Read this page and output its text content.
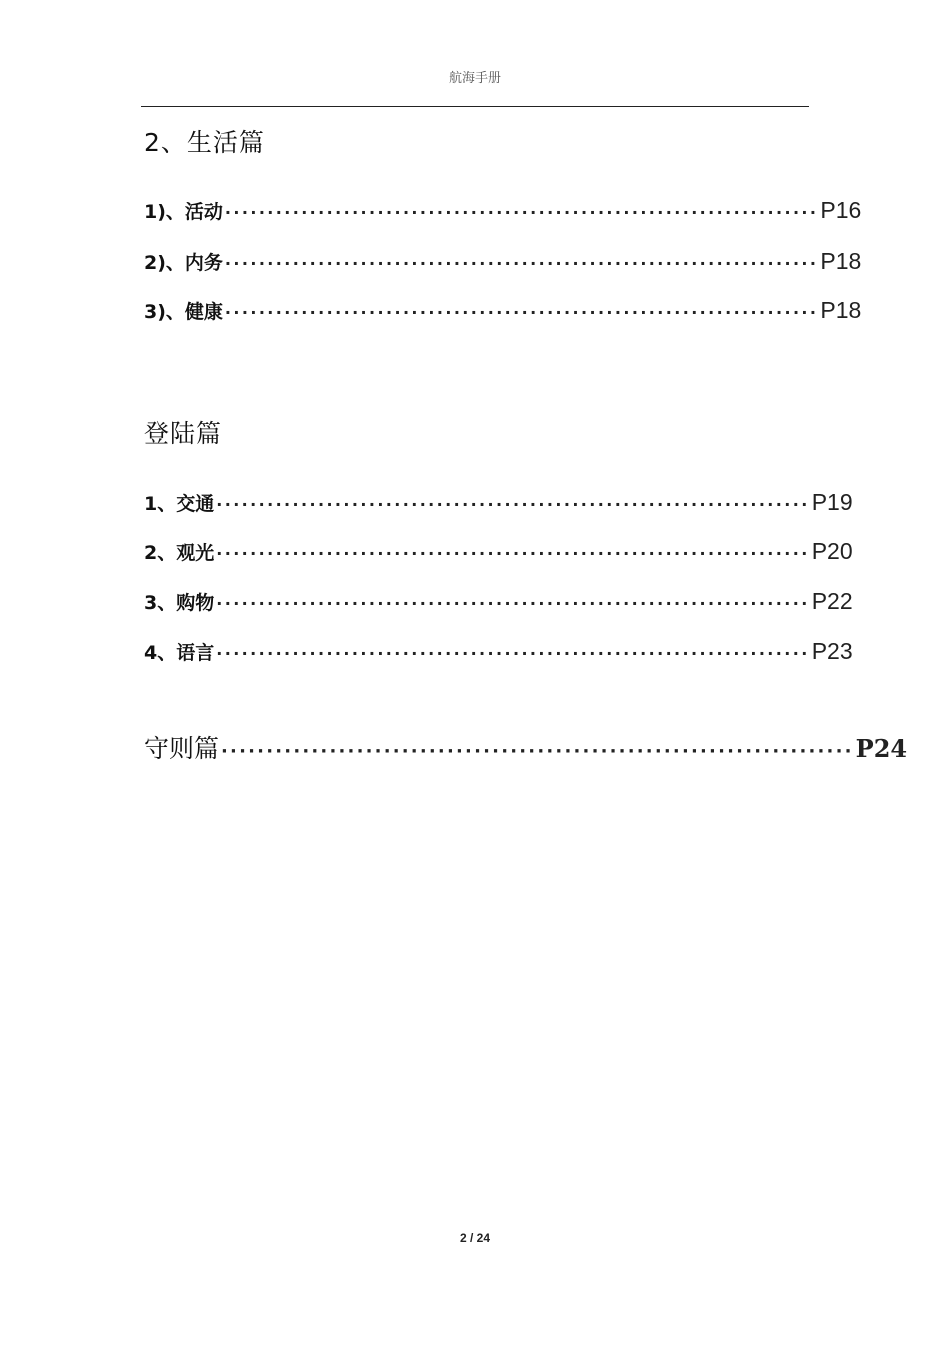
航海手册
2、生活篇
1)、活动 ······································································ P16
2)、内务 ······································································ P18
3)、健康 ······································································ P18
登陆篇
1、交通 ······································································ P19
2、观光 ······································································ P20
3、购物 ······································································ P22
4、语言 ······································································ P23
守则篇 ······································································ P24
2 / 24
